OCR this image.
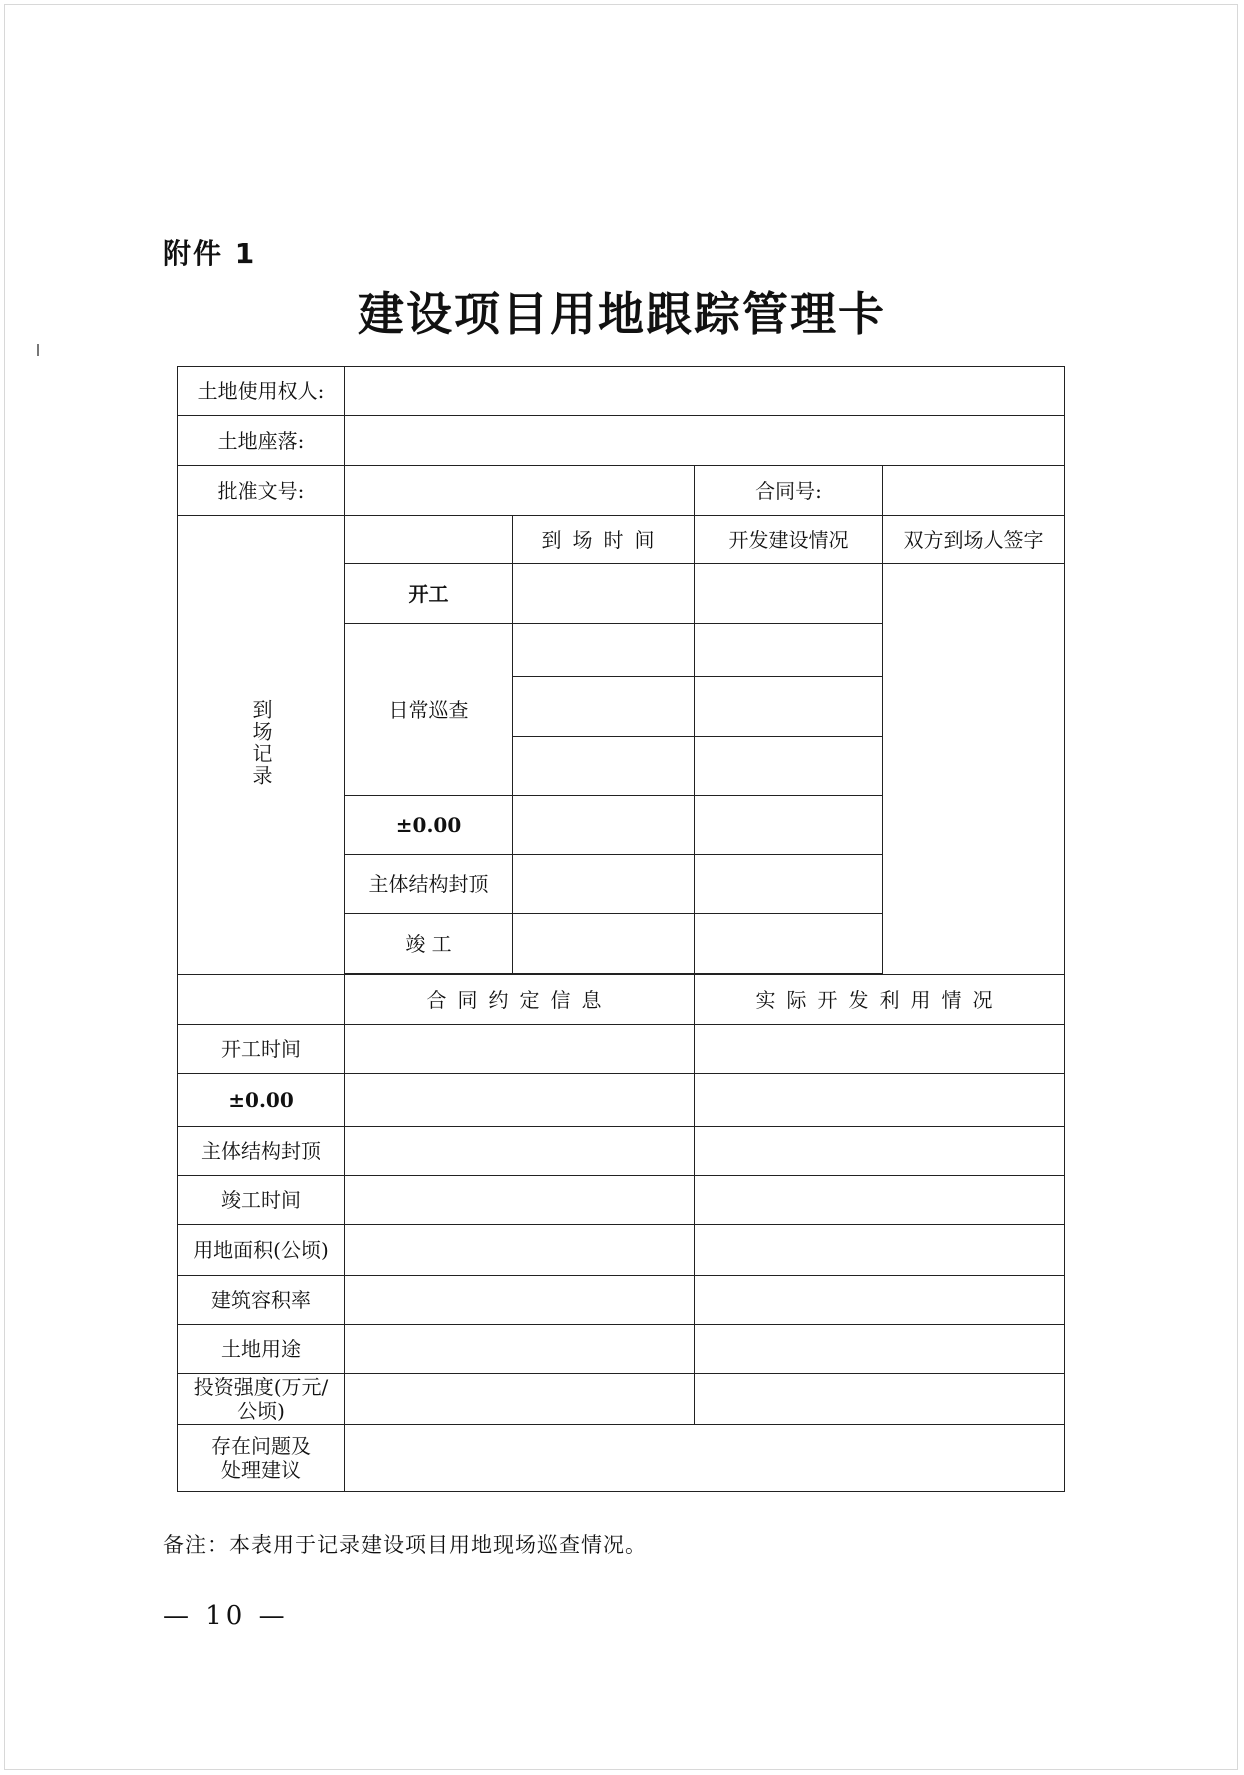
附件 1
建设项目用地跟踪管理卡
土地使用权人:				
土地座落:				
批准文号:			合同号:	
到场记录		到场时间	开发建设情况	双方到场人签字
	开工			
	日常巡查			

	±0.00			
	主体结构封顶			
	竣 工			

	合同约定信息		实际开发利用情况	
开工时间				
±0.00				
主体结构封顶				
竣工时间				
用地面积(公顷)				
建筑容积率				
土地用途				
投资强度(万元/公顷)				
存在问题及处理建议				
备注：本表用于记录建设项目用地现场巡查情况。
— 10 —
